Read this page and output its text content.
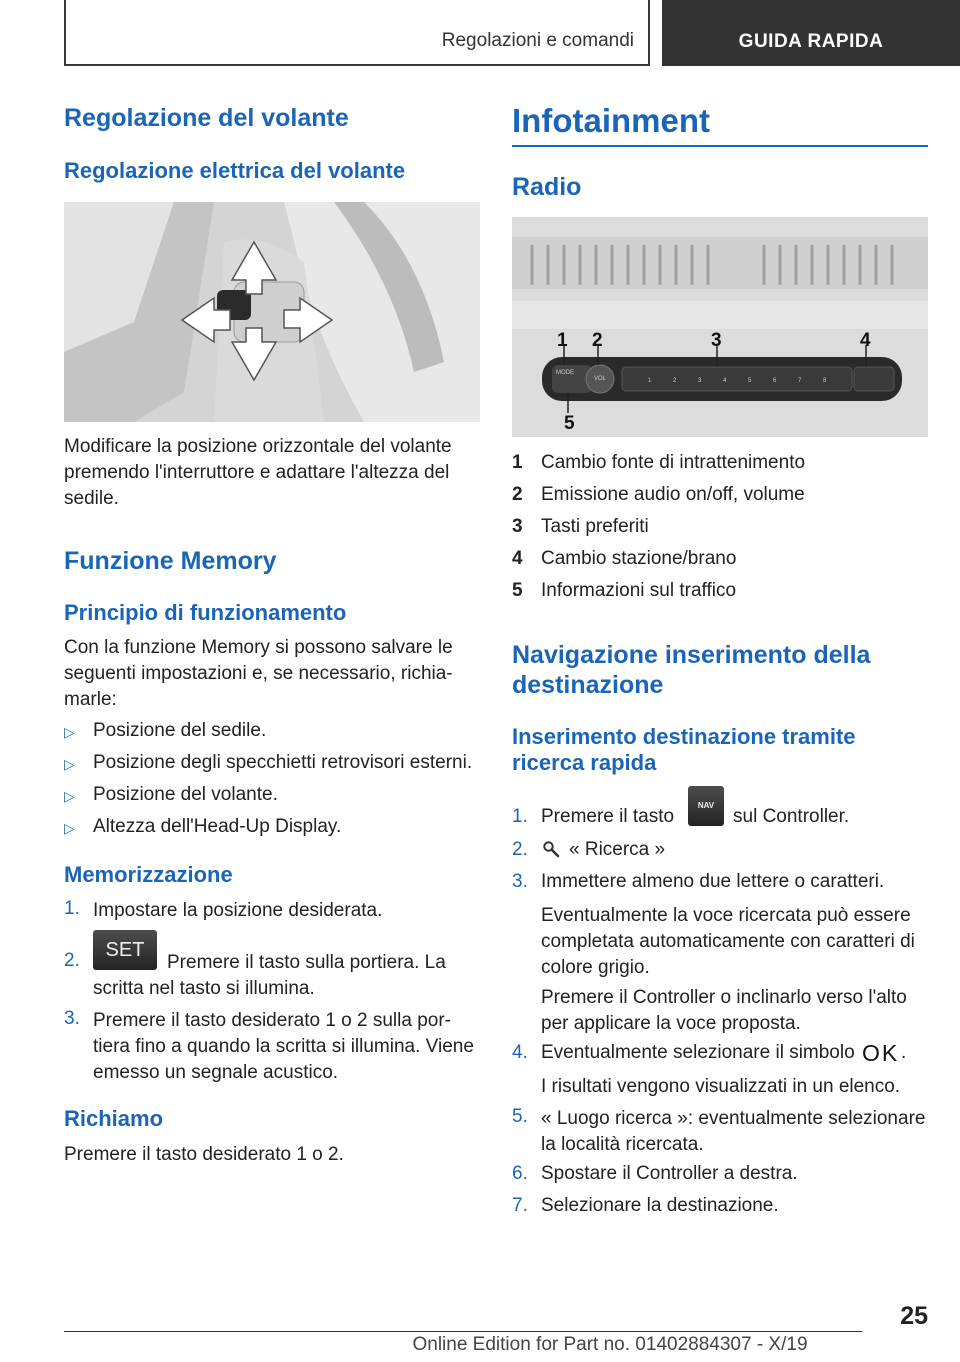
Regolazioni e comandi	GUIDA RAPIDA
Regolazione del volante
Regolazione elettrica del volante

Modificare la posizione orizzontale del volante premendo l'interruttore e adattare l'altezza del sedile.

Funzione Memory
Principio di funzionamento

Con la funzione Memory si possono salvare le seguenti impostazioni e, se necessario, richia-marle:

▷ Posizione del sedile.
▷ Posizione degli specchietti retrovisori esterni.
▷ Posizione del volante.
▷ Altezza dell'Head-Up Display.
Memorizzazione
1. Impostare la posizione desiderata.
2.	SET
Premere il tasto sulla portiera. La scritta nel tasto si illumina.
3. Premere il tasto desiderato 1 o 2 sulla por-tiera fino a quando la scritta si illumina. Viene emesso un segnale acustico.
Richiamo

Premere il tasto desiderato 1 o 2.

Infotainment
Radio
1 2	3	4
5
MODE
VOL	1	2	3	4	5	6	7	8
1 Cambio fonte di intrattenimento
2 Emissione audio on/off, volume
3 Tasti preferiti
4 Cambio stazione/brano
5 Informazioni sul traffico
Navigazione inserimento della destinazione
Inserimento destinazione tramite ricerca rapida
1. Premere il tasto
NAV
sul Controller.
2. « Ricerca »
3. Immettere almeno due lettere o caratteri.

Eventualmente la voce ricercata può essere completata automaticamente con caratteri di colore grigio.

Premere il Controller o inclinarlo verso l'alto per applicare la voce proposta.

4. Eventualmente selezionare il simbolo OK .

I risultati vengono visualizzati in un elenco.

5. « Luogo ricerca »: eventualmente selezionare la località ricercata.
6. Spostare il Controller a destra.
7. Selezionare la destinazione.
25
Online Edition for Part no. 01402884307 - X/19
